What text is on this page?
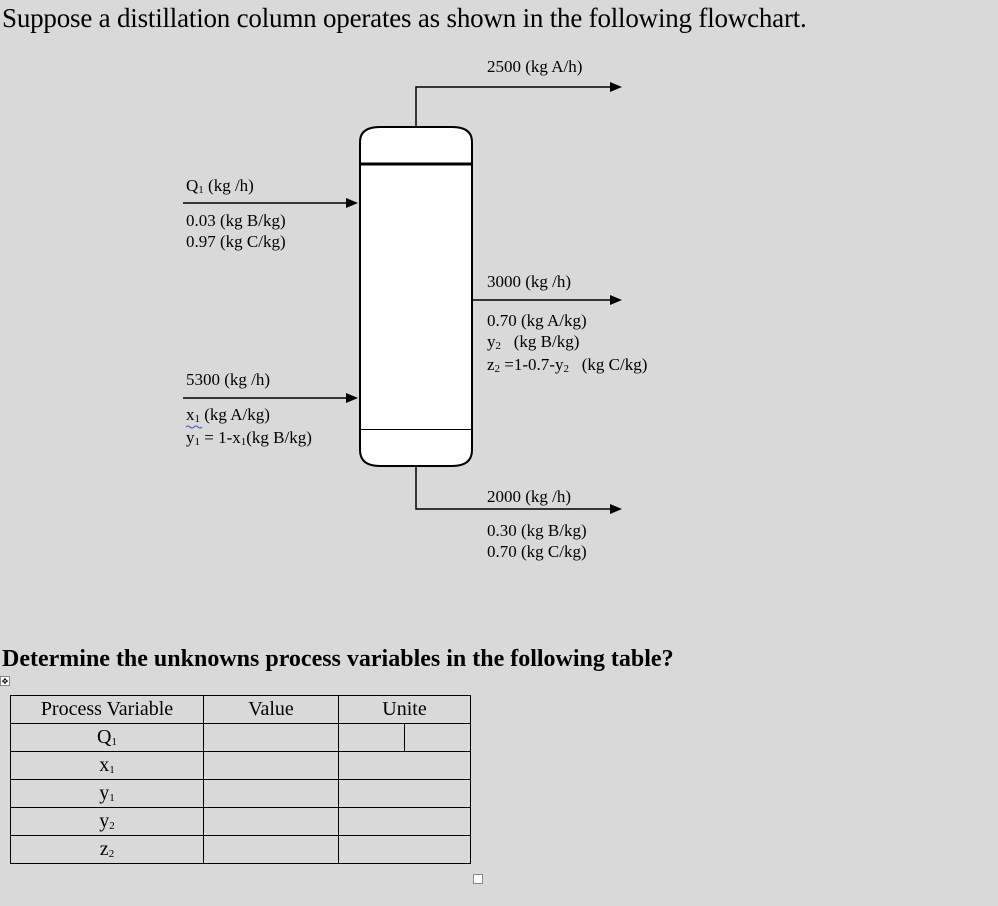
Suppose a distillation column operates as shown in the following flowchart.
2500 (kg A/h)
Q1 (kg /h)
0.03 (kg B/kg)
0.97 (kg C/kg)
3000 (kg /h)
0.70 (kg A/kg)
y2   (kg B/kg)
z2 =1-0.7-y2   (kg C/kg)
5300 (kg /h)
x1 (kg A/kg)
y1 = 1-x1(kg B/kg)
2000 (kg /h)
0.30 (kg B/kg)
0.70 (kg C/kg)
Determine the unknowns process variables in the following table?
✥
Process Variable	Value	Unite
Q1		

x1		
y1		
y2		
z2		
